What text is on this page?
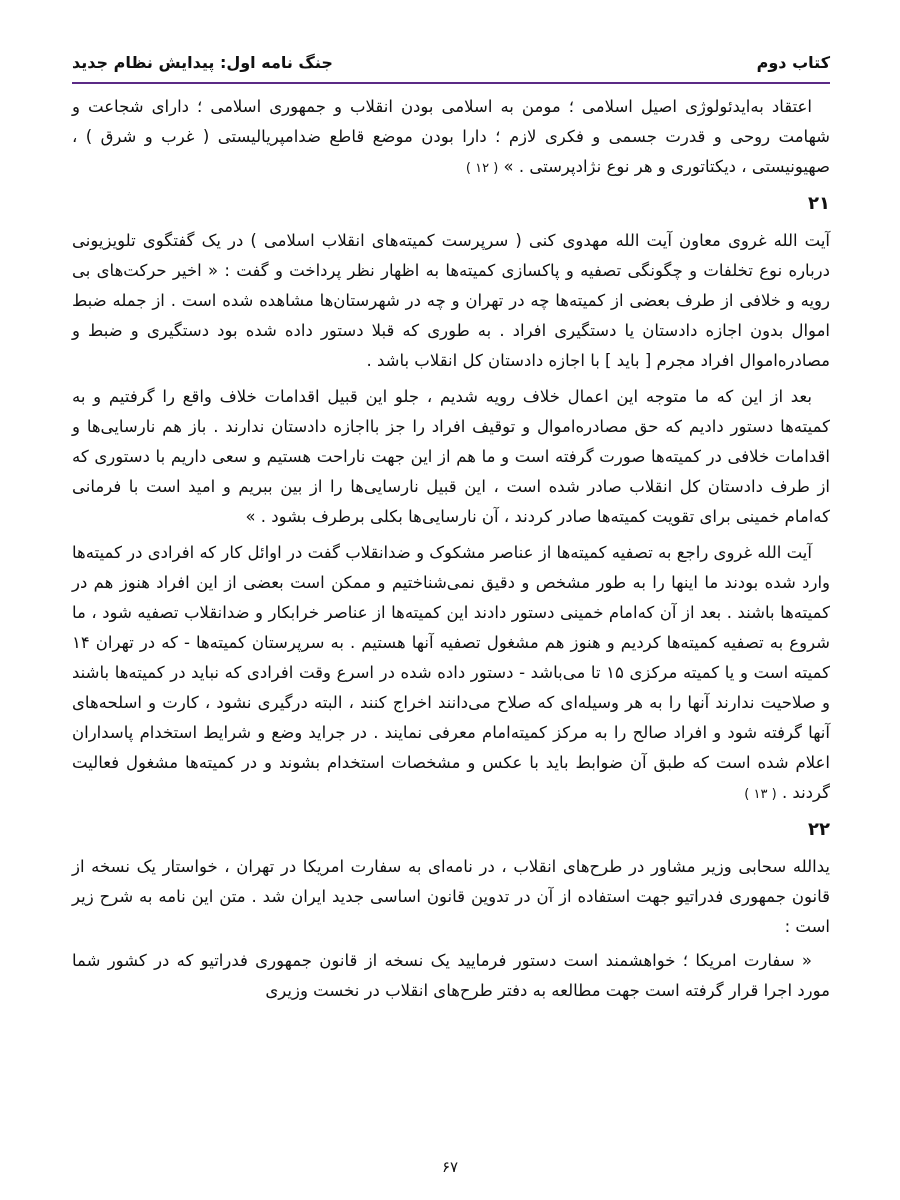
کتاب دوم
جنگ نامه اول: پیدایش نظام جدید

اعتقاد به‌ایدئولوژی اصیل اسلامی ؛ مومن به اسلامی بودن انقلاب و جمهوری اسلامی ؛ دارای شجاعت و شهامت روحی و قدرت جسمی و فکری لازم ؛ دارا بودن موضع قاطع ضدامپریالیستی ( غرب و شرق ) ، صهیونیستی ، دیکتاتوری و هر نوع نژادپرستی . » ( ۱۲ )

۲۱

آیت الله غروی معاون آیت الله مهدوی کنی ( سرپرست کمیته‌های انقلاب اسلامی ) در یک گفتگوی تلویزیونی درباره نوع تخلفات و چگونگی تصفیه و پاکسازی کمیته‌ها به اظهار نظر پرداخت و گفت : « اخیر حرکت‌های بی رویه و خلافی از طرف بعضی از کمیته‌ها چه در تهران و چه در شهرستان‌ها مشاهده شده است . از جمله ضبط اموال بدون اجازه دادستان یا دستگیری افراد . به طوری که قبلا دستور داده شده بود دستگیری و ضبط و مصادره‌اموال افراد مجرم [ باید ] با اجازه دادستان کل انقلاب باشد .

بعد از این که ما متوجه این اعمال خلاف رویه شدیم ، جلو این قبیل اقدامات خلاف واقع را گرفتیم و به کمیته‌ها دستور دادیم که حق مصادره‌اموال و توقیف افراد را جز بااجازه دادستان ندارند . باز هم نارسایی‌ها و اقدامات خلافی در کمیته‌ها صورت گرفته است و ما هم از این جهت ناراحت هستیم و سعی داریم با دستوری که از طرف دادستان کل انقلاب صادر شده است ، این قبیل نارسایی‌ها را از بین ببریم و امید است با فرمانی که‌امام خمینی برای تقویت کمیته‌ها صادر کردند ، آن نارسایی‌ها بکلی برطرف بشود . »

آیت الله غروی راجع به تصفیه کمیته‌ها از عناصر مشکوک و ضدانقلاب گفت در اوائل کار که افرادی در کمیته‌ها وارد شده بودند ما اینها را به طور مشخص و دقیق نمی‌شناختیم و ممکن است بعضی از این افراد هنوز هم در کمیته‌ها باشند . بعد از آن که‌امام خمینی دستور دادند این کمیته‌ها از عناصر خرابکار و ضدانقلاب تصفیه شود ، ما شروع به تصفیه کمیته‌ها کردیم و هنوز هم مشغول تصفیه آنها هستیم . به سرپرستان کمیته‌ها - که در تهران ۱۴ کمیته است و یا کمیته مرکزی ۱۵ تا می‌باشد - دستور داده شده در اسرع وقت افرادی که نباید در کمیته‌ها باشند و صلاحیت ندارند آنها را به هر وسیله‌ای که صلاح می‌دانند اخراج کنند ، البته درگیری نشود ، کارت و اسلحه‌های آنها گرفته شود و افراد صالح را به مرکز کمیته‌امام معرفی نمایند . در جراید وضع و شرایط استخدام پاسداران اعلام شده است که طبق آن ضوابط باید با عکس و مشخصات استخدام بشوند و در کمیته‌ها مشغول فعالیت گردند . ( ۱۳ )

۲۲

یدالله سحابی وزیر مشاور در طرح‌های انقلاب ، در نامه‌ای به سفارت امریکا در تهران ، خواستار یک نسخه از قانون جمهوری فدراتیو جهت استفاده از آن در تدوین قانون اساسی جدید ایران شد . متن این نامه به شرح زیر است :

« سفارت امریکا ؛ خواهشمند است دستور فرمایید یک نسخه از قانون جمهوری فدراتیو که در کشور شما مورد اجرا قرار گرفته است جهت مطالعه به دفتر طرح‌های انقلاب در نخست وزیری

۶۷
